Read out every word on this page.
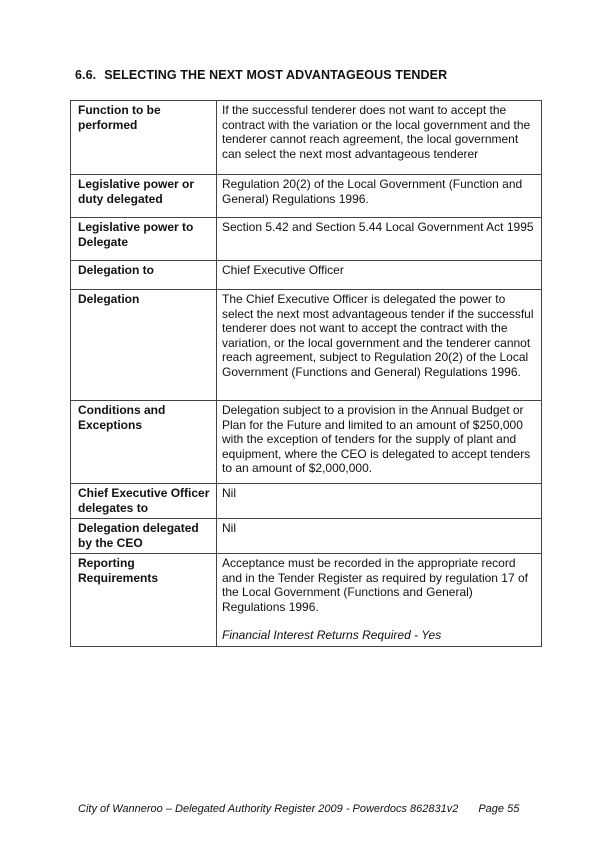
6.6. SELECTING THE NEXT MOST ADVANTAGEOUS TENDER
Function to be performed	If the successful tenderer does not want to accept the contract with the variation or the local government and the tenderer cannot reach agreement, the local government can select the next most advantageous tenderer
Legislative power or duty delegated	Regulation 20(2) of the Local Government (Function and General) Regulations 1996.
Legislative power to Delegate	Section 5.42 and Section 5.44 Local Government Act 1995
Delegation to	Chief Executive Officer
Delegation	The Chief Executive Officer is delegated the power to select the next most advantageous tender if the successful tenderer does not want to accept the contract with the variation, or the local government and the tenderer cannot reach agreement, subject to Regulation 20(2) of the Local Government (Functions and General) Regulations 1996.
Conditions and Exceptions	Delegation subject to a provision in the Annual Budget or Plan for the Future and limited to an amount of $250,000 with the exception of tenders for the supply of plant and equipment, where the CEO is delegated to accept tenders to an amount of $2,000,000.
Chief Executive Officer delegates to	Nil
Delegation delegated by the CEO	Nil
Reporting Requirements	Acceptance must be recorded in the appropriate record and in the Tender Register as required by regulation 17 of the Local Government (Functions and General) Regulations 1996.
Financial Interest Returns Required - Yes
City of Wanneroo – Delegated Authority Register 2009 - Powerdocs 862831v2 Page 55
